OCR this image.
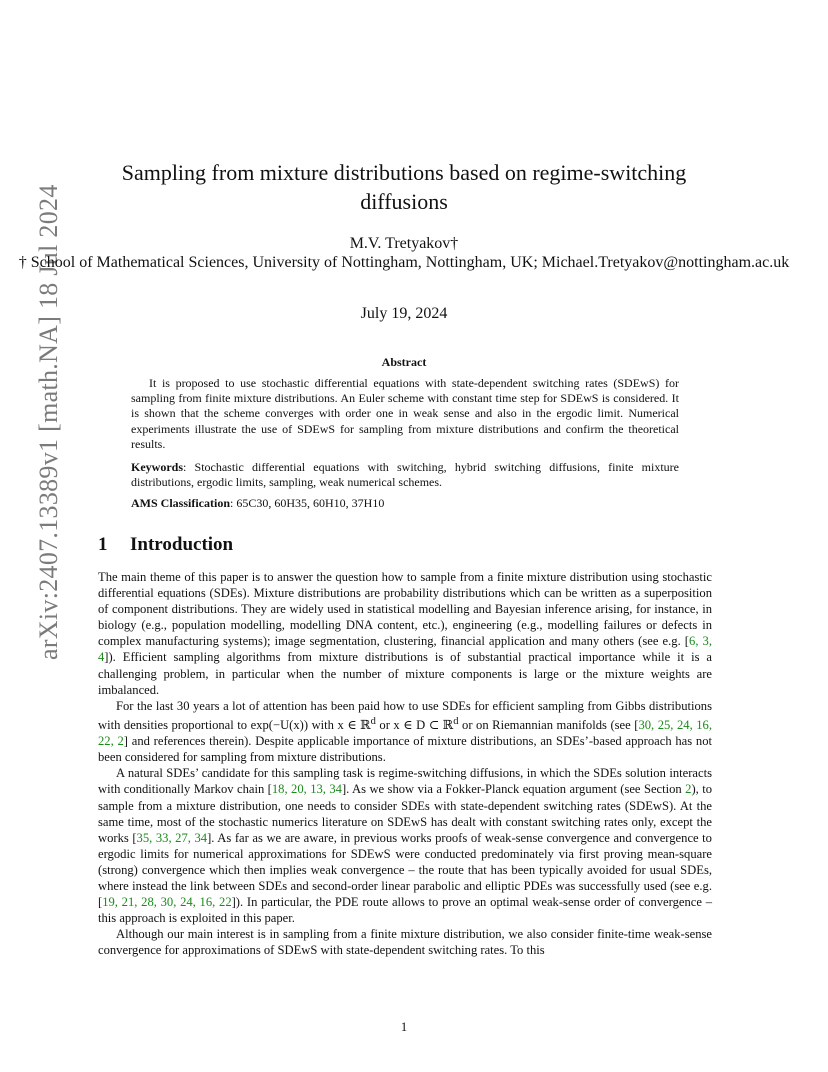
arXiv:2407.13389v1 [math.NA] 18 Jul 2024
Sampling from mixture distributions based on regime-switching diffusions
M.V. Tretyakov†
† School of Mathematical Sciences, University of Nottingham, Nottingham, UK; Michael.Tretyakov@nottingham.ac.uk
July 19, 2024
Abstract
It is proposed to use stochastic differential equations with state-dependent switching rates (SDEwS) for sampling from finite mixture distributions. An Euler scheme with constant time step for SDEwS is considered. It is shown that the scheme converges with order one in weak sense and also in the ergodic limit. Numerical experiments illustrate the use of SDEwS for sampling from mixture distributions and confirm the theoretical results.
Keywords: Stochastic differential equations with switching, hybrid switching diffusions, finite mixture distributions, ergodic limits, sampling, weak numerical schemes.
AMS Classification: 65C30, 60H35, 60H10, 37H10
1 Introduction

The main theme of this paper is to answer the question how to sample from a finite mixture distribution using stochastic differential equations (SDEs). Mixture distributions are probability distributions which can be written as a superposition of component distributions. They are widely used in statistical modelling and Bayesian inference arising, for instance, in biology (e.g., population modelling, modelling DNA content, etc.), engineering (e.g., modelling failures or defects in complex manufacturing systems); image segmentation, clustering, financial application and many others (see e.g. [6, 3, 4]). Efficient sampling algorithms from mixture distributions is of substantial practical importance while it is a challenging problem, in particular when the number of mixture components is large or the mixture weights are imbalanced.

For the last 30 years a lot of attention has been paid how to use SDEs for efficient sampling from Gibbs distributions with densities proportional to exp(−U(x)) with x ∈ ℝ$^d$ or x ∈ D ⊂ ℝ$^d$ or on Riemannian manifolds (see [30, 25, 24, 16, 22, 2] and references therein). Despite applicable importance of mixture distributions, an SDEs’-based approach has not been considered for sampling from mixture distributions.

A natural SDEs’ candidate for this sampling task is regime-switching diffusions, in which the SDEs solution interacts with conditionally Markov chain [18, 20, 13, 34]. As we show via a Fokker-Planck equation argument (see Section 2), to sample from a mixture distribution, one needs to consider SDEs with state-dependent switching rates (SDEwS). At the same time, most of the stochastic numerics literature on SDEwS has dealt with constant switching rates only, except the works [35, 33, 27, 34]. As far as we are aware, in previous works proofs of weak-sense convergence and convergence to ergodic limits for numerical approximations for SDEwS were conducted predominately via first proving mean-square (strong) convergence which then implies weak convergence – the route that has been typically avoided for usual SDEs, where instead the link between SDEs and second-order linear parabolic and elliptic PDEs was successfully used (see e.g. [19, 21, 28, 30, 24, 16, 22]). In particular, the PDE route allows to prove an optimal weak-sense order of convergence – this approach is exploited in this paper.

Although our main interest is in sampling from a finite mixture distribution, we also consider finite-time weak-sense convergence for approximations of SDEwS with state-dependent switching rates. To this

1
